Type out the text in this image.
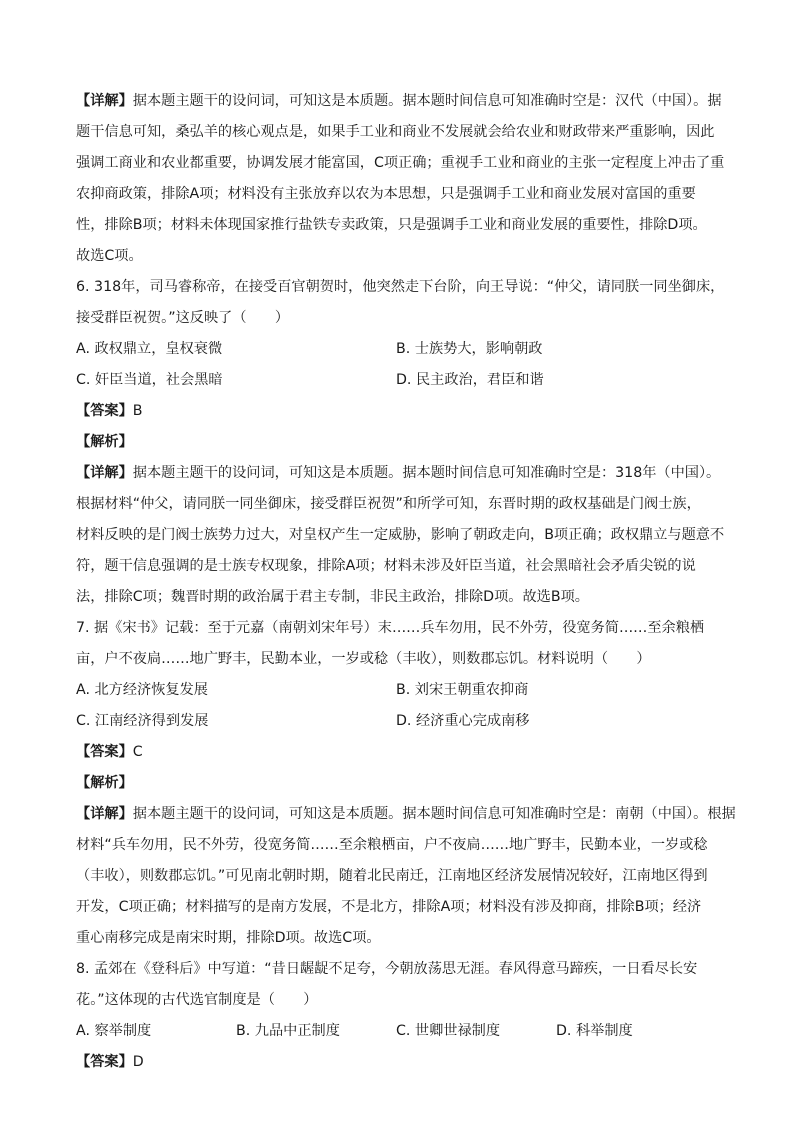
【详解】据本题主题干的设问词，可知这是本质题。据本题时间信息可知准确时空是：汉代（中国）。据
题干信息可知，桑弘羊的核心观点是，如果手工业和商业不发展就会给农业和财政带来严重影响，因此
强调工商业和农业都重要，协调发展才能富国，C项正确；重视手工业和商业的主张一定程度上冲击了重
农抑商政策，排除A项；材料没有主张放弃以农为本思想，只是强调手工业和商业发展对富国的重要
性，排除B项；材料未体现国家推行盐铁专卖政策，只是强调手工业和商业发展的重要性，排除D项。
故选C项。
6. 318年，司马睿称帝，在接受百官朝贺时，他突然走下台阶，向王导说：“仲父，请同朕一同坐御床，
接受群臣祝贺。”这反映了（　　）
A. 政权鼎立，皇权衰微	B. 士族势大，影响朝政
C. 奸臣当道，社会黑暗	D. 民主政治，君臣和谐
【答案】B
【解析】
【详解】据本题主题干的设问词，可知这是本质题。据本题时间信息可知准确时空是：318年（中国）。
根据材料“仲父，请同朕一同坐御床，接受群臣祝贺”和所学可知，东晋时期的政权基础是门阀士族，
材料反映的是门阀士族势力过大，对皇权产生一定威胁，影响了朝政走向，B项正确；政权鼎立与题意不
符，题干信息强调的是士族专权现象，排除A项；材料未涉及奸臣当道，社会黑暗社会矛盾尖锐的说
法，排除C项；魏晋时期的政治属于君主专制，非民主政治，排除D项。故选B项。
7. 据《宋书》记载：至于元嘉（南朝刘宋年号）末……兵车勿用，民不外劳，役宽务简……至余粮栖
亩，户不夜扃……地广野丰，民勤本业，一岁或稔（丰收），则数郡忘饥。材料说明（　　）
A. 北方经济恢复发展	B. 刘宋王朝重农抑商
C. 江南经济得到发展	D. 经济重心完成南移
【答案】C
【解析】
【详解】据本题主题干的设问词，可知这是本质题。据本题时间信息可知准确时空是：南朝（中国）。根据
材料“兵车勿用，民不外劳，役宽务简……至余粮栖亩，户不夜扃……地广野丰，民勤本业，一岁或稔
（丰收），则数郡忘饥。”可见南北朝时期，随着北民南迁，江南地区经济发展情况较好，江南地区得到
开发，C项正确；材料描写的是南方发展，不是北方，排除A项；材料没有涉及抑商，排除B项；经济
重心南移完成是南宋时期，排除D项。故选C项。
8. 孟郊在《登科后》中写道：“昔日龌龊不足夸，今朝放荡思无涯。春风得意马蹄疾，一日看尽长安
花。”这体现的古代选官制度是（　　）
A. 察举制度	B. 九品中正制度	C. 世卿世禄制度	D. 科举制度
【答案】D
